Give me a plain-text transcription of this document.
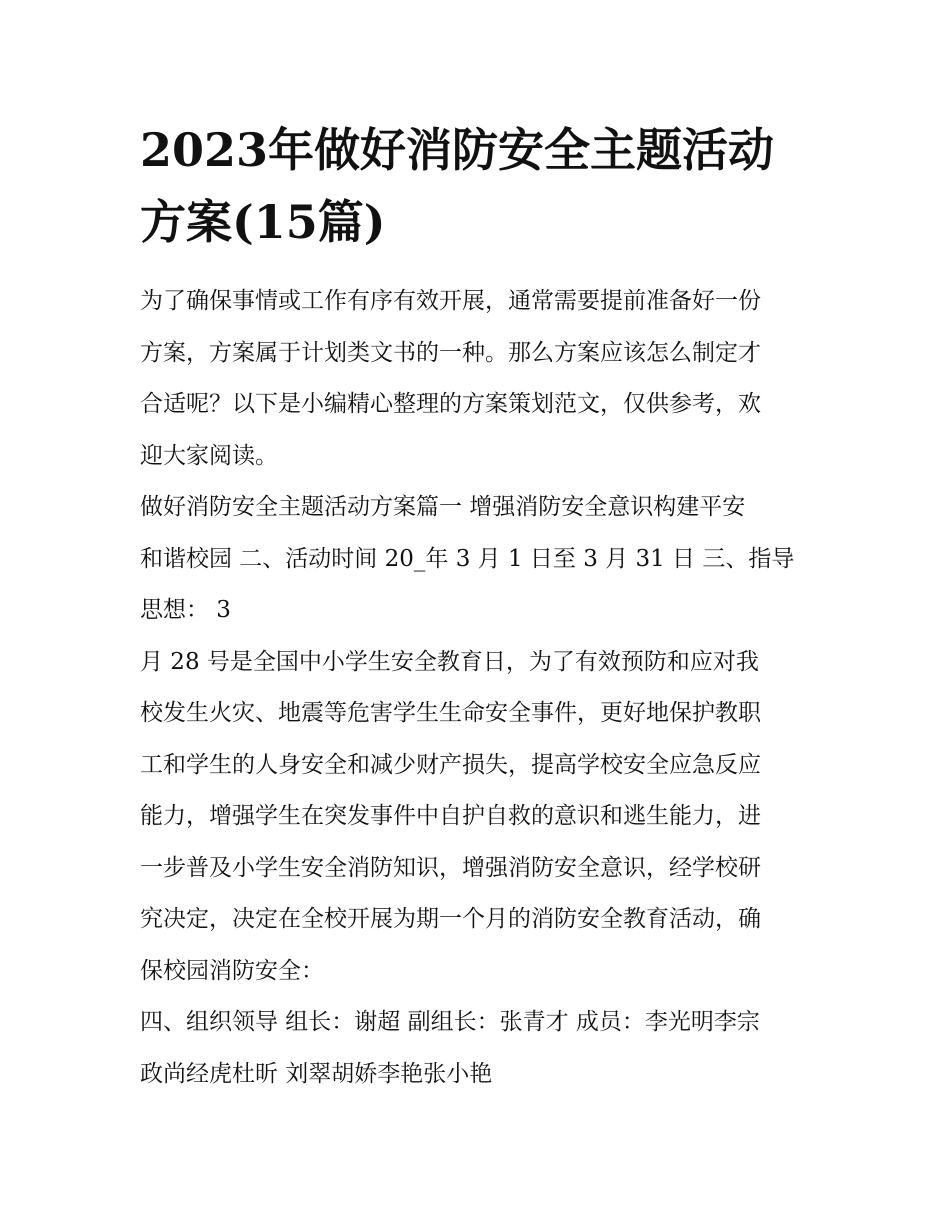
2023年做好消防安全主题活动
方案(15篇)
为了确保事情或工作有序有效开展，通常需要提前准备好一份
方案，方案属于计划类文书的一种。那么方案应该怎么制定才
合适呢？以下是小编精心整理的方案策划范文，仅供参考，欢
迎大家阅读。
做好消防安全主题活动方案篇一 增强消防安全意识构建平安
和谐校园 二、活动时间 20_年 3 月 1 日至 3 月 31 日 三、指导
思想： 3
月 28 号是全国中小学生安全教育日，为了有效预防和应对我
校发生火灾、地震等危害学生生命安全事件，更好地保护教职
工和学生的人身安全和减少财产损失，提高学校安全应急反应
能力，增强学生在突发事件中自护自救的意识和逃生能力，进
一步普及小学生安全消防知识，增强消防安全意识，经学校研
究决定，决定在全校开展为期一个月的消防安全教育活动，确
保校园消防安全：
四、组织领导 组长：谢超 副组长：张青才 成员：李光明李宗
政尚经虎杜昕 刘翠胡娇李艳张小艳
